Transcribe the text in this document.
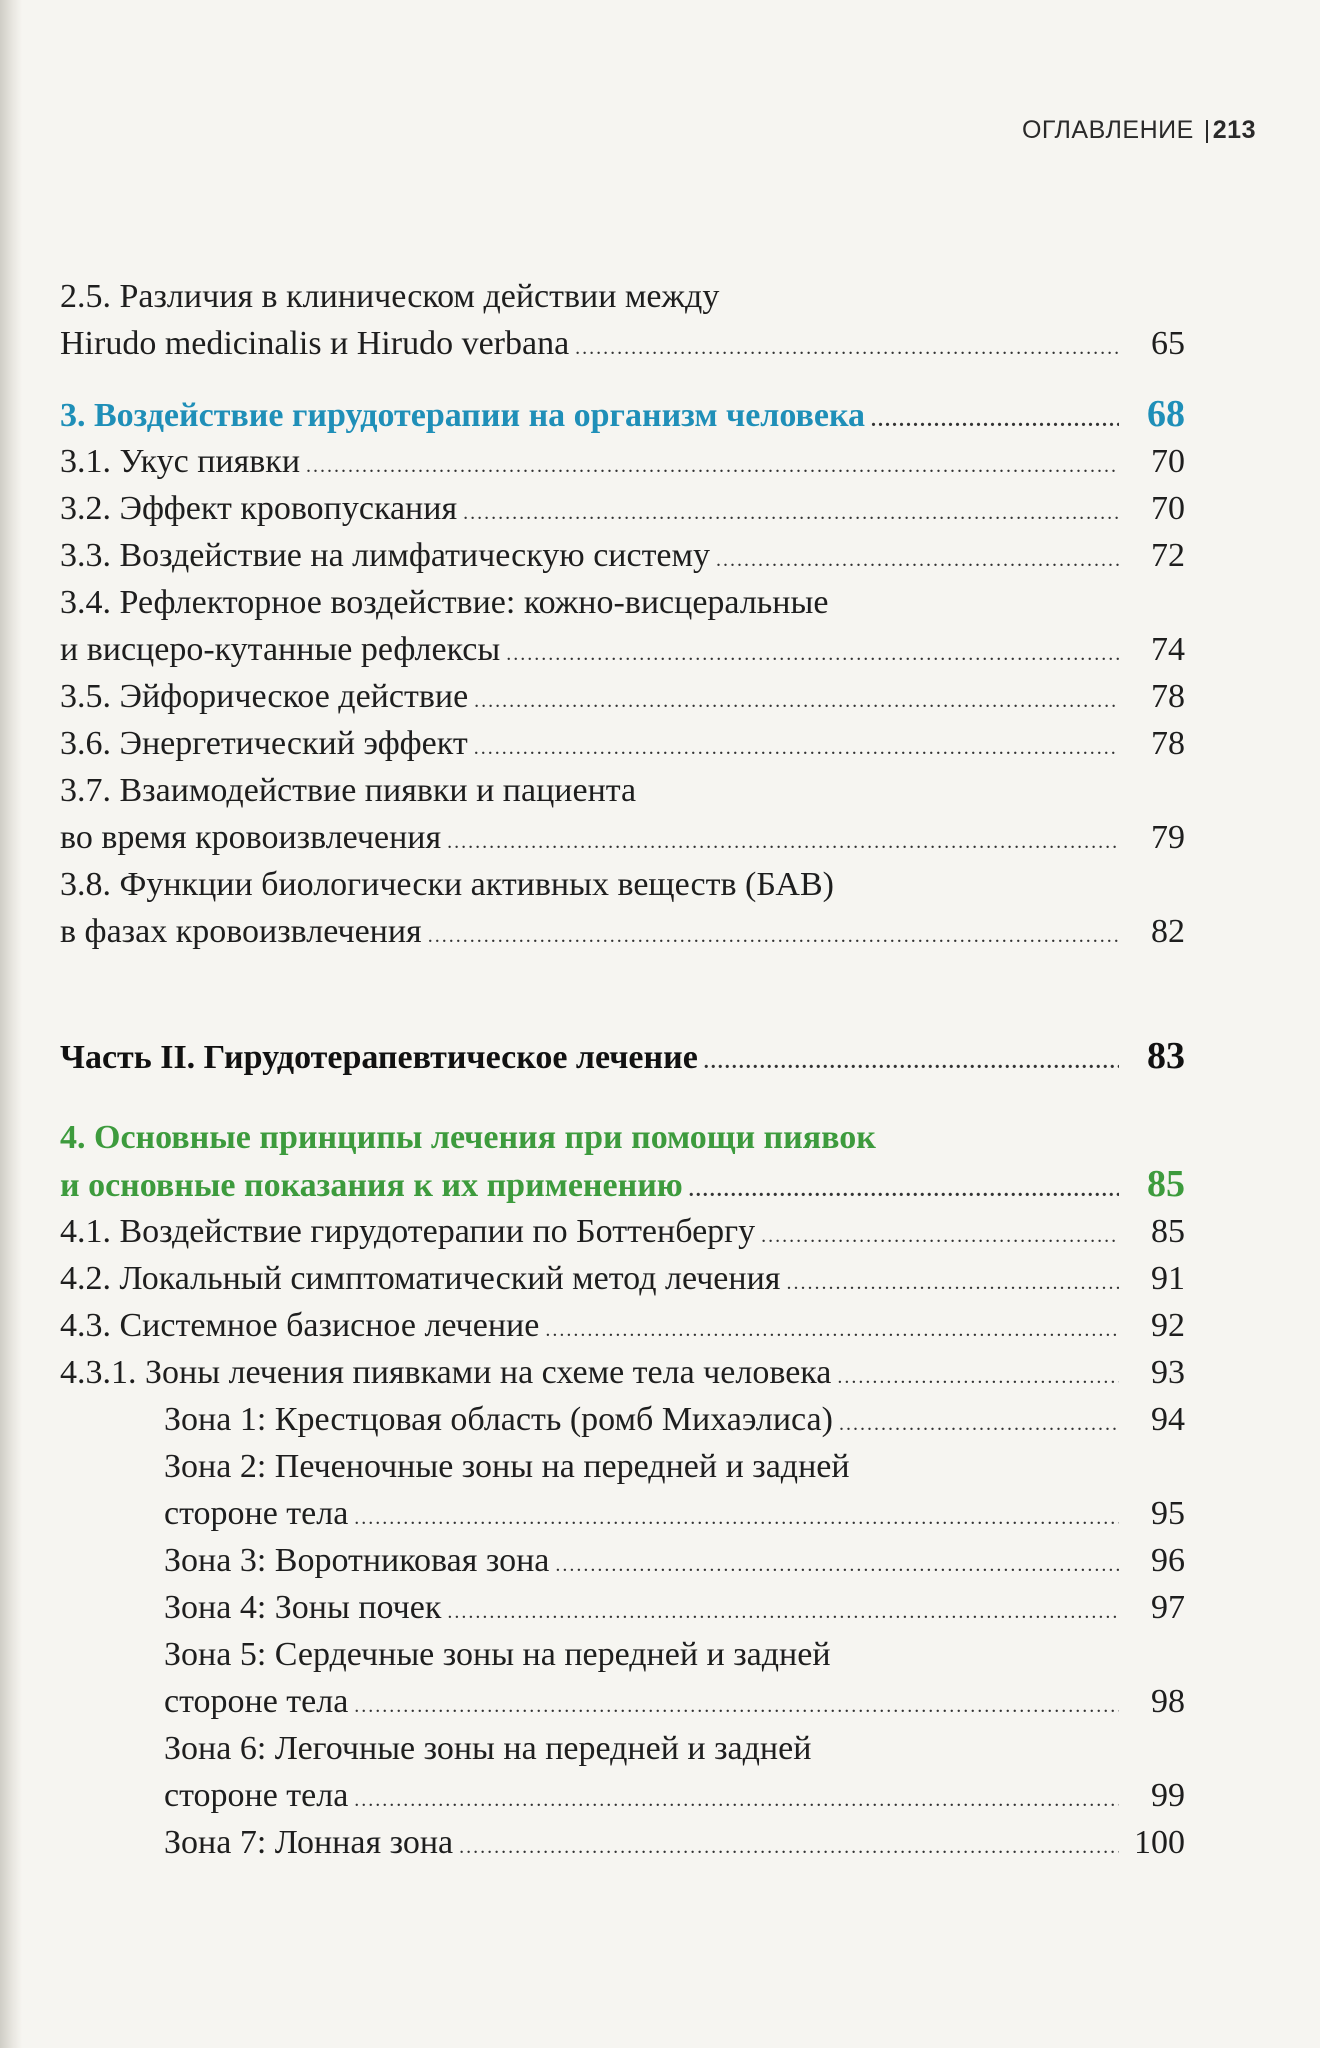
ОГЛАВЛЕНИЕ | 213
2.5. Различия в клиническом действии между
Hirudo medicinalis и Hirudo verbana .....	65
3. Воздействие гирудотерапии на организм человека .....	68
3.1. Укус пиявки .....	70
3.2. Эффект кровопускания .....	70
3.3. Воздействие на лимфатическую систему .....	72
3.4. Рефлекторное воздействие: кожно-висцеральные
и висцеро-кутанные рефлексы .....	74
3.5. Эйфорическое действие .....	78
3.6. Энергетический эффект .....	78
3.7. Взаимодействие пиявки и пациента
во время кровоизвлечения .....	79
3.8. Функции биологически активных веществ (БАВ)
в фазах кровоизвлечения .....	82
Часть II. Гирудотерапевтическое лечение .....	83
4. Основные принципы лечения при помощи пиявок
и основные показания к их применению .....	85
4.1. Воздействие гирудотерапии по Боттенбергу .....	85
4.2. Локальный симптоматический метод лечения .....	91
4.3. Системное базисное лечение .....	92
4.3.1. Зоны лечения пиявками на схеме тела человека .....	93
Зона 1: Крестцовая область (ромб Михаэлиса) .....	94
Зона 2: Печеночные зоны на передней и задней
стороне тела .....	95
Зона 3: Воротниковая зона .....	96
Зона 4: Зоны почек .....	97
Зона 5: Сердечные зоны на передней и задней
стороне тела .....	98
Зона 6: Легочные зоны на передней и задней
стороне тела .....	99
Зона 7: Лонная зона .....	100
